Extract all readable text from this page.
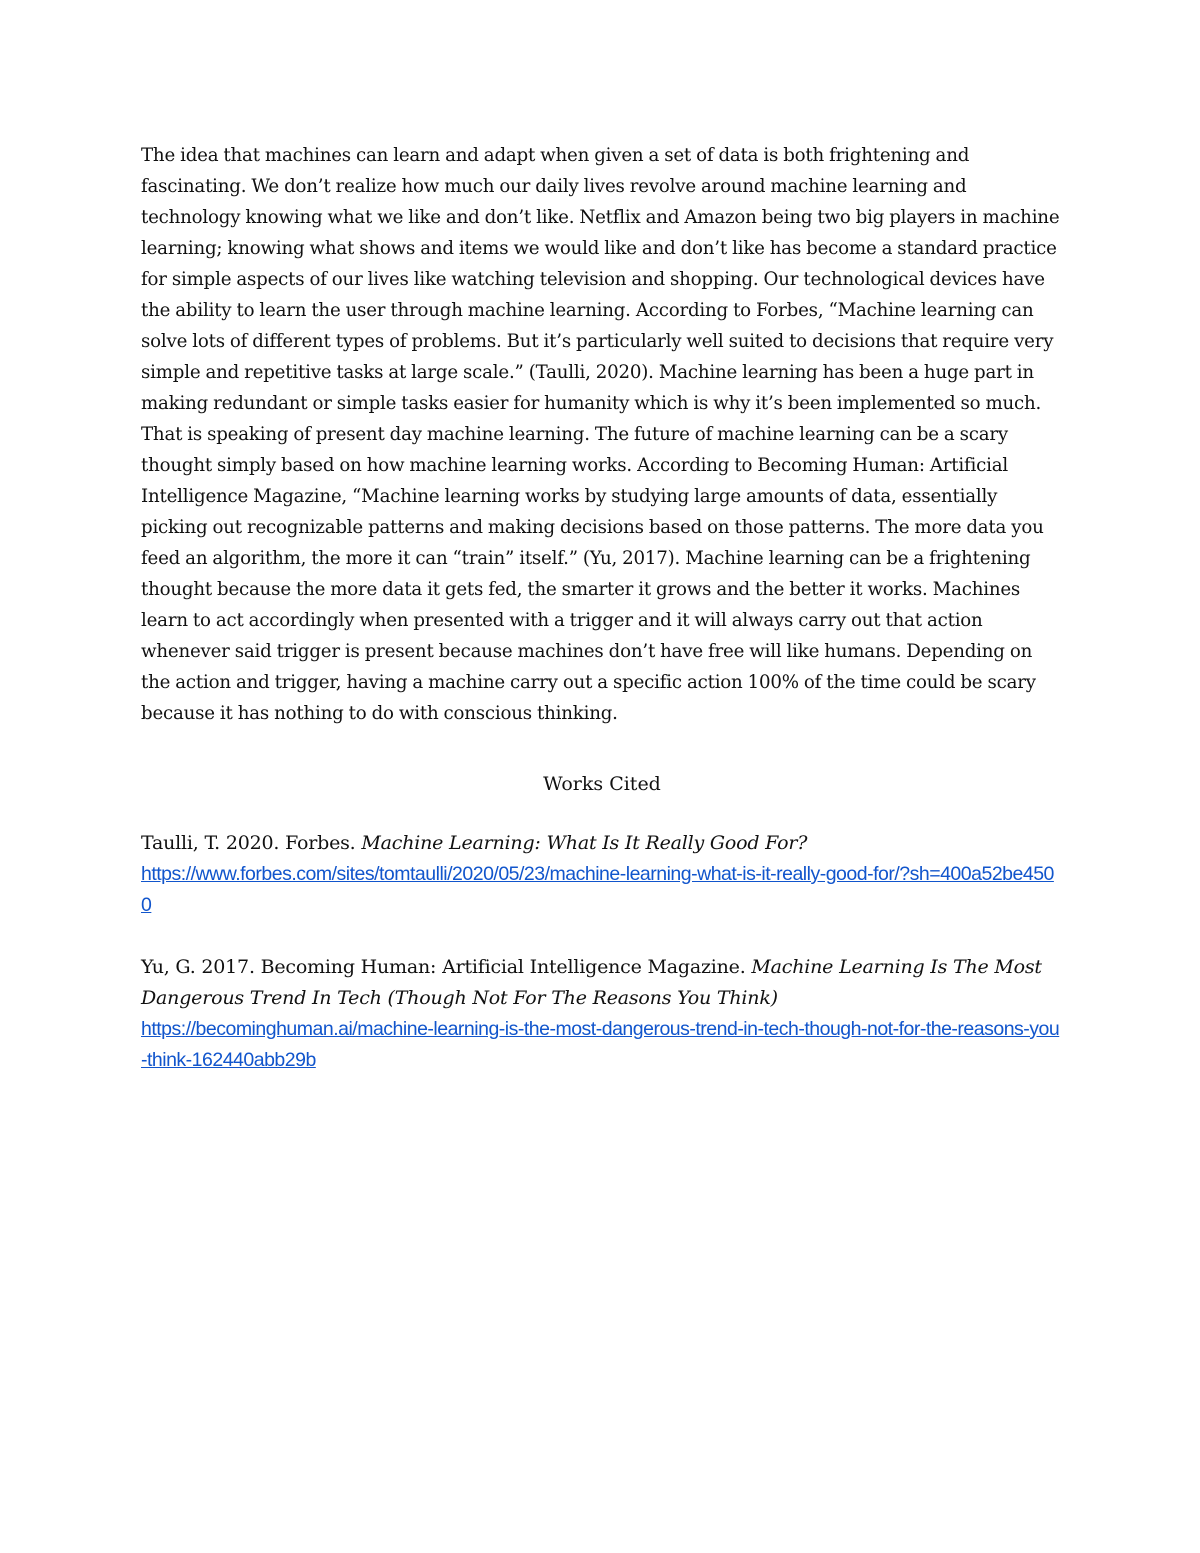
The idea that machines can learn and adapt when given a set of data is both frightening and fascinating. We don’t realize how much our daily lives revolve around machine learning and technology knowing what we like and don’t like. Netflix and Amazon being two big players in machine learning; knowing what shows and items we would like and don’t like has become a standard practice for simple aspects of our lives like watching television and shopping. Our technological devices have the ability to learn the user through machine learning. According to Forbes, “Machine learning can solve lots of different types of problems. But it’s particularly well suited to decisions that require very simple and repetitive tasks at large scale.” (Taulli, 2020). Machine learning has been a huge part in making redundant or simple tasks easier for humanity which is why it’s been implemented so much. That is speaking of present day machine learning. The future of machine learning can be a scary thought simply based on how machine learning works. According to Becoming Human: Artificial Intelligence Magazine, “Machine learning works by studying large amounts of data, essentially picking out recognizable patterns and making decisions based on those patterns. The more data you feed an algorithm, the more it can “train” itself.” (Yu, 2017). Machine learning can be a frightening thought because the more data it gets fed, the smarter it grows and the better it works. Machines learn to act accordingly when presented with a trigger and it will always carry out that action whenever said trigger is present because machines don’t have free will like humans. Depending on the action and trigger, having a machine carry out a specific action 100% of the time could be scary because it has nothing to do with conscious thinking.

Works Cited
Taulli, T. 2020. Forbes. Machine Learning: What Is It Really Good For?
https://www.forbes.com/sites/tomtaulli/2020/05/23/machine-learning-what-is-it-really-good-for/?sh=400a52be4500
Yu, G. 2017. Becoming Human: Artificial Intelligence Magazine. Machine Learning Is The Most Dangerous Trend In Tech (Though Not For The Reasons You Think)
https://becominghuman.ai/machine-learning-is-the-most-dangerous-trend-in-tech-though-not-for-the-reasons-you-think-162440abb29b
